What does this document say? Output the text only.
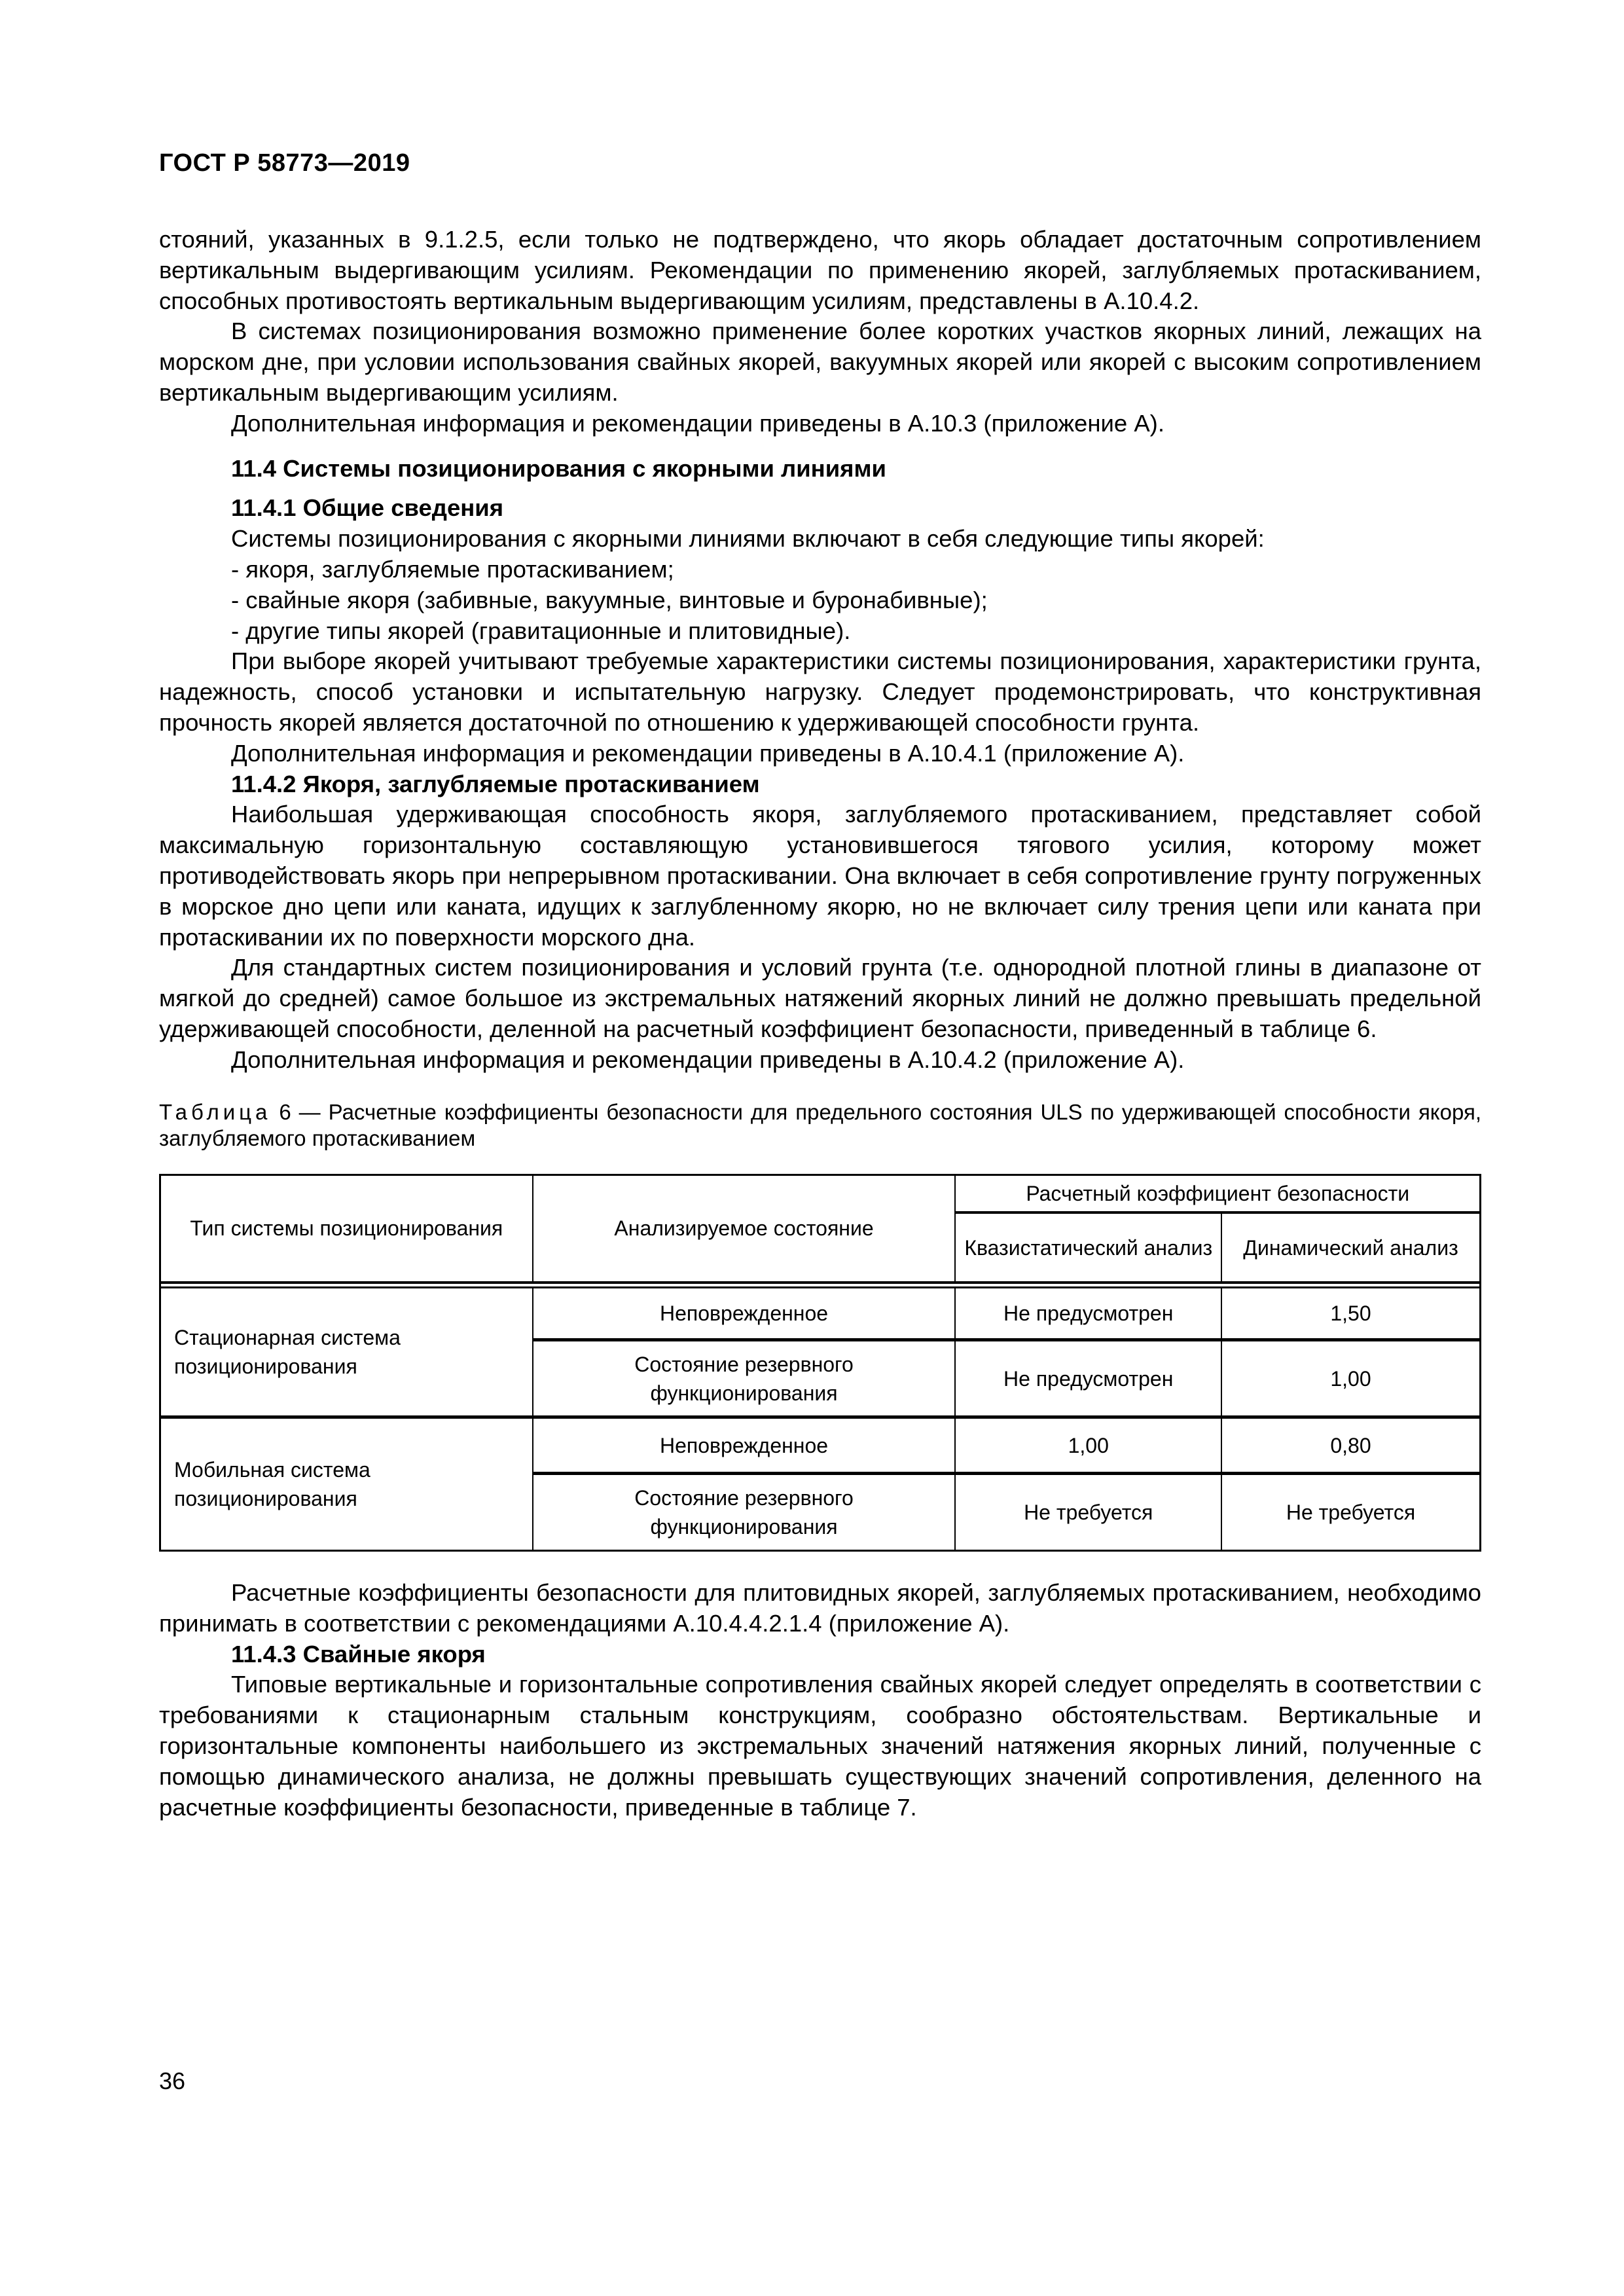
ГОСТ Р 58773—2019

стояний, указанных в 9.1.2.5, если только не подтверждено, что якорь обладает достаточным сопротивлением вертикальным выдергивающим усилиям. Рекомендации по применению якорей, заглубляемых протаскиванием, способных противостоять вертикальным выдергивающим усилиям, представлены в А.10.4.2.

В системах позиционирования возможно применение более коротких участков якорных линий, лежащих на морском дне, при условии использования свайных якорей, вакуумных якорей или якорей с высоким сопротивлением вертикальным выдергивающим усилиям.

Дополнительная информация и рекомендации приведены в А.10.3 (приложение А).

11.4 Системы позиционирования с якорными линиями

11.4.1 Общие сведения

Системы позиционирования с якорными линиями включают в себя следующие типы якорей:

- якоря, заглубляемые протаскиванием;

- свайные якоря (забивные, вакуумные, винтовые и буронабивные);

- другие типы якорей (гравитационные и плитовидные).

При выборе якорей учитывают требуемые характеристики системы позиционирования, характеристики грунта, надежность, способ установки и испытательную нагрузку. Следует продемонстрировать, что конструктивная прочность якорей является достаточной по отношению к удерживающей способности грунта.

Дополнительная информация и рекомендации приведены в А.10.4.1 (приложение А).

11.4.2 Якоря, заглубляемые протаскиванием

Наибольшая удерживающая способность якоря, заглубляемого протаскиванием, представляет собой максимальную горизонтальную составляющую установившегося тягового усилия, которому может противодействовать якорь при непрерывном протаскивании. Она включает в себя сопротивление грунту погруженных в морское дно цепи или каната, идущих к заглубленному якорю, но не включает силу трения цепи или каната при протаскивании их по поверхности морского дна.

Для стандартных систем позиционирования и условий грунта (т.е. однородной плотной глины в диапазоне от мягкой до средней) самое большое из экстремальных натяжений якорных линий не должно превышать предельной удерживающей способности, деленной на расчетный коэффициент безопасности, приведенный в таблице 6.

Дополнительная информация и рекомендации приведены в А.10.4.2 (приложение А).

Таблица 6 — Расчетные коэффициенты безопасности для предельного состояния ULS по удерживающей способности якоря, заглубляемого протаскиванием
Тип системы позиционирования	Анализируемое состояние	Расчетный коэффициент безопасности	
		Квазистатический анализ	Динамический анализ

Стационарная система позиционирования	Неповрежденное	Не предусмотрен	1,50
	Состояние резервного функционирования	Не предусмотрен	1,00
Мобильная система позиционирования	Неповрежденное	1,00	0,80
	Состояние резервного функционирования	Не требуется	Не требуется

Расчетные коэффициенты безопасности для плитовидных якорей, заглубляемых протаскиванием, необходимо принимать в соответствии с рекомендациями А.10.4.4.2.1.4 (приложение А).

11.4.3 Свайные якоря

Типовые вертикальные и горизонтальные сопротивления свайных якорей следует определять в соответствии с требованиями к стационарным стальным конструкциям, сообразно обстоятельствам. Вертикальные и горизонтальные компоненты наибольшего из экстремальных значений натяжения якорных линий, полученные с помощью динамического анализа, не должны превышать существующих значений сопротивления, деленного на расчетные коэффициенты безопасности, приведенные в таблице 7.

36
